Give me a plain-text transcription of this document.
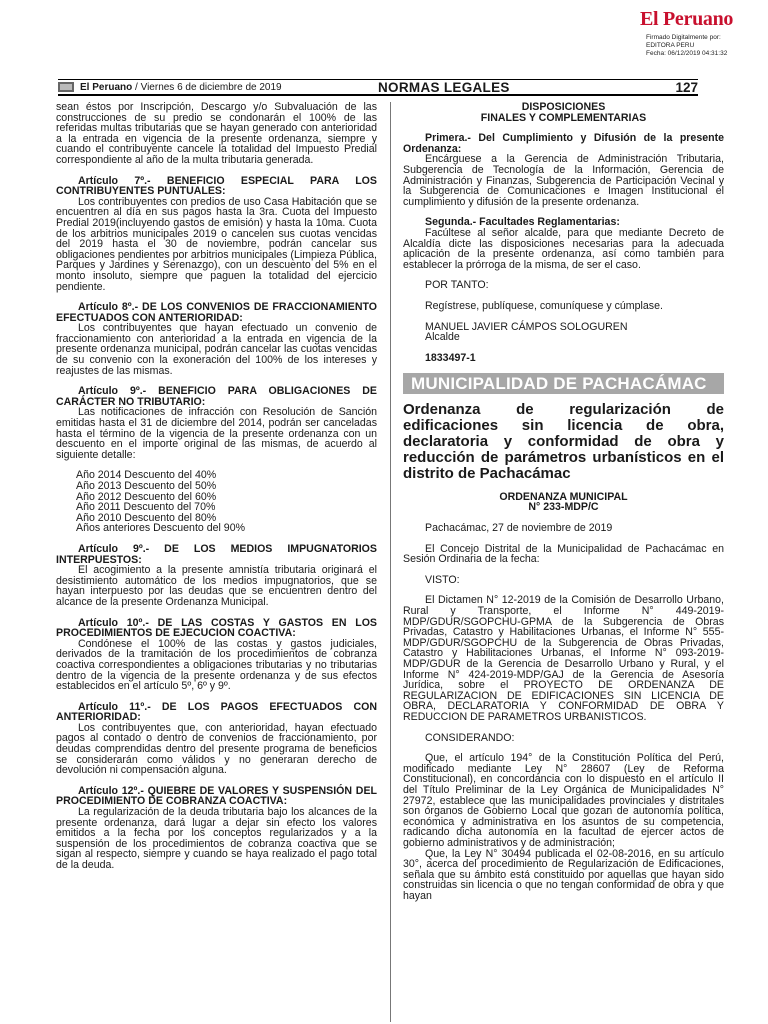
El Peruano
Firmado Digitalmente por:
EDITORA PERU
Fecha: 06/12/2019 04:31:32
El Peruano / Viernes 6 de diciembre de 2019	NORMAS LEGALES	127

sean éstos por Inscripción, Descargo y/o Subvaluación de las construcciones de su predio se condonarán el 100% de las referidas multas tributarias que se hayan generado con anterioridad a la entrada en vigencia de la presente ordenanza, siempre y cuando el contribuyente cancele la totalidad del Impuesto Predial correspondiente al año de la multa tributaria generada.

Artículo 7º.- BENEFICIO ESPECIAL PARA LOS CONTRIBUYENTES PUNTUALES:

Los contribuyentes con predios de uso Casa Habitación que se encuentren al día en sus pagos hasta la 3ra. Cuota del Impuesto Predial 2019(incluyendo gastos de emisión) y hasta la 10ma. Cuota de los arbitrios municipales 2019 o cancelen sus cuotas vencidas del 2019 hasta el 30 de noviembre, podrán cancelar sus obligaciones pendientes por arbitrios municipales (Limpieza Pública, Parques y Jardines y Serenazgo), con un descuento del 5% en el monto insoluto, siempre que paguen la totalidad del ejercicio pendiente.

Artículo 8º.- DE LOS CONVENIOS DE FRACCIONAMIENTO EFECTUADOS CON ANTERIORIDAD:

Los contribuyentes que hayan efectuado un convenio de fraccionamiento con anterioridad a la entrada en vigencia de la presente ordenanza municipal, podrán cancelar las cuotas vencidas de su convenio con la exoneración del 100% de los intereses y reajustes de las mismas.

Artículo 9º.- BENEFICIO PARA OBLIGACIONES DE CARÁCTER NO TRIBUTARIO:

Las notificaciones de infracción con Resolución de Sanción emitidas hasta el 31 de diciembre del 2014, podrán ser canceladas hasta el término de la vigencia de la presente ordenanza con un descuento en el importe original de las mismas, de acuerdo al siguiente detalle:

Año 2014 Descuento del 40%

Año 2013 Descuento del 50%

Año 2012 Descuento del 60%

Año 2011 Descuento del 70%

Año 2010 Descuento del 80%

Años anteriores Descuento del 90%

Artículo 9º.- DE LOS MEDIOS IMPUGNATORIOS INTERPUESTOS:

El acogimiento a la presente amnistía tributaria originará el desistimiento automático de los medios impugnatorios, que se hayan interpuesto por las deudas que se encuentren dentro del alcance de la presente Ordenanza Municipal.

Artículo 10º.- DE LAS COSTAS Y GASTOS EN LOS PROCEDIMIENTOS DE EJECUCION COACTIVA:

Condónese el 100% de las costas y gastos judiciales, derivados de la tramitación de los procedimientos de cobranza coactiva correspondientes a obligaciones tributarias y no tributarias dentro de la vigencia de la presente ordenanza y de sus efectos establecidos en el artículo 5º, 6º y 9º.

Artículo 11º.- DE LOS PAGOS EFECTUADOS CON ANTERIORIDAD:

Los contribuyentes que, con anterioridad, hayan efectuado pagos al contado o dentro de convenios de fraccionamiento, por deudas comprendidas dentro del presente programa de beneficios se considerarán como válidos y no generaran derecho de devolución ni compensación alguna.

Artículo 12º.- QUIEBRE DE VALORES Y SUSPENSIÓN DEL PROCEDIMIENTO DE COBRANZA COACTIVA:

La regularización de la deuda tributaria bajo los alcances de la presente ordenanza, dará lugar a dejar sin efecto los valores emitidos a la fecha por los conceptos regularizados y a la suspensión de los procedimientos de cobranza coactiva que se sigan al respecto, siempre y cuando se haya realizado el pago total de la deuda.

DISPOSICIONES

FINALES Y COMPLEMENTARIAS

Primera.- Del Cumplimiento y Difusión de la presente Ordenanza:

Encárguese a la Gerencia de Administración Tributaria, Subgerencia de Tecnología de la Información, Gerencia de Administración y Finanzas, Subgerencia de Participación Vecinal y la Subgerencia de Comunicaciones e Imagen Institucional el cumplimiento y difusión de la presente ordenanza.

Segunda.- Facultades Reglamentarias:

Facúltese al señor alcalde, para que mediante Decreto de Alcaldía dicte las disposiciones necesarias para la adecuada aplicación de la presente ordenanza, así como también para establecer la prórroga de la misma, de ser el caso.

POR TANTO:

Regístrese, publíquese, comuníquese y cúmplase.

MANUEL JAVIER CÁMPOS SOLOGUREN

Alcalde

1833497-1

MUNICIPALIDAD DE PACHACÁMAC

Ordenanza de regularización de edificaciones sin licencia de obra, declaratoria y conformidad de obra y reducción de parámetros urbanísticos en el distrito de Pachacámac

ORDENANZA MUNICIPAL

N° 233-MDP/C

Pachacámac, 27 de noviembre de 2019

El Concejo Distrital de la Municipalidad de Pachacámac en Sesión Ordinaria de la fecha:

VISTO:

El Dictamen N° 12-2019 de la Comisión de Desarrollo Urbano, Rural y Transporte, el Informe N° 449-2019-MDP/GDUR/SGOPCHU-GPMA de la Subgerencia de Obras Privadas, Catastro y Habilitaciones Urbanas, el Informe N° 555- MDP/GDUR/SGOPCHU de la Subgerencia de Obras Privadas, Catastro y Habilitaciones Urbanas, el Informe N° 093-2019-MDP/GDUR de la Gerencia de Desarrollo Urbano y Rural, y el Informe N° 424-2019-MDP/GAJ de la Gerencia de Asesoría Jurídica, sobre el PROYECTO DE ORDENANZA DE REGULARIZACION DE EDIFICACIONES SIN LICENCIA DE OBRA, DECLARATORIA Y CONFORMIDAD DE OBRA Y REDUCCION DE PARAMETROS URBANISTICOS.

CONSIDERANDO:

Que, el artículo 194° de la Constitución Política del Perú, modificado mediante Ley N° 28607 (Ley de Reforma Constitucional), en concordancia con lo dispuesto en el artículo II del Título Preliminar de la Ley Orgánica de Municipalidades N° 27972, establece que las municipalidades provinciales y distritales son órganos de Gobierno Local que gozan de autonomía política, económica y administrativa en los asuntos de su competencia, radicando dicha autonomía en la facultad de ejercer actos de gobierno administrativos y de administración;

Que, la Ley N° 30494 publicada el 02-08-2016, en su artículo 30°, acerca del procedimiento de Regularización de Edificaciones, señala que su ámbito está constituido por aquellas que hayan sido construidas sin licencia o que no tengan conformidad de obra y que hayan
